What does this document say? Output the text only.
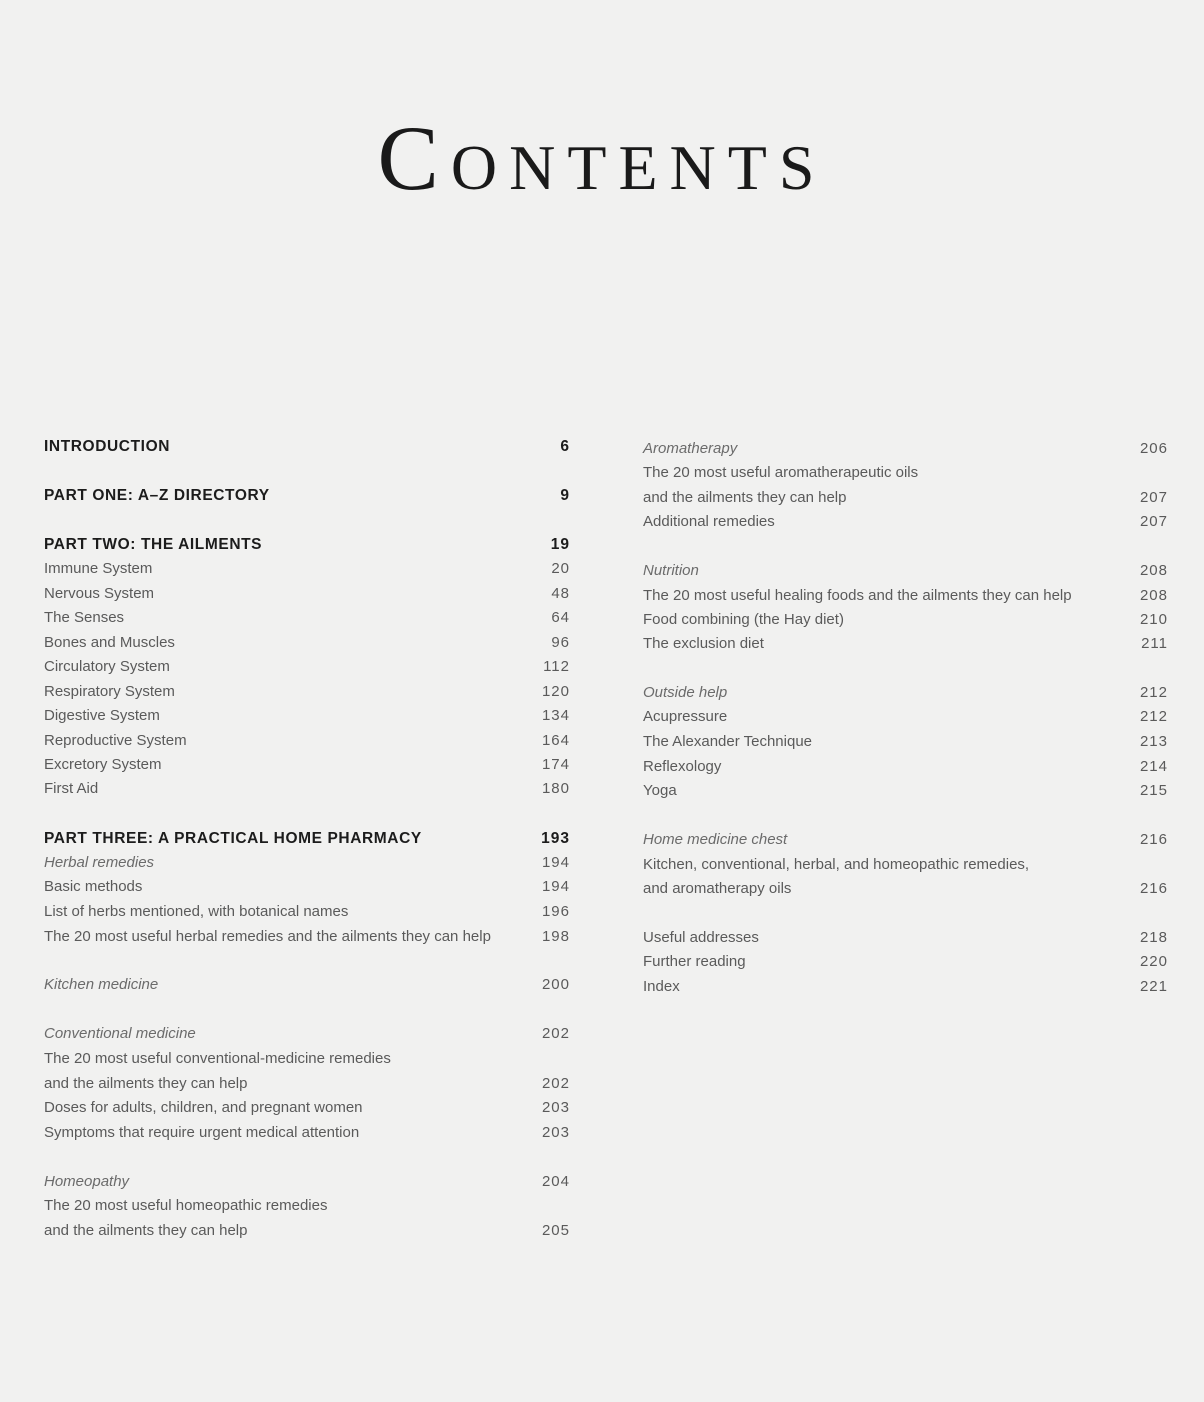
Contents
INTRODUCTION	6
PART ONE: A–Z DIRECTORY	9
PART TWO: THE AILMENTS	19
Immune System	20
Nervous System	48
The Senses	64
Bones and Muscles	96
Circulatory System	112
Respiratory System	120
Digestive System	134
Reproductive System	164
Excretory System	174
First Aid	180
PART THREE: A PRACTICAL HOME PHARMACY	193
Herbal remedies	194
Basic methods	194
List of herbs mentioned, with botanical names	196
The 20 most useful herbal remedies and the ailments they can help	198
Kitchen medicine	200
Conventional medicine	202
The 20 most useful conventional-medicine remedies
and the ailments they can help	202
Doses for adults, children, and pregnant women	203
Symptoms that require urgent medical attention	203
Homeopathy	204
The 20 most useful homeopathic remedies
and the ailments they can help	205
Aromatherapy	206
The 20 most useful aromatherapeutic oils
and the ailments they can help	207
Additional remedies	207
Nutrition	208
The 20 most useful healing foods and the ailments they can help	208
Food combining (the Hay diet)	210
The exclusion diet	211
Outside help	212
Acupressure	212
The Alexander Technique	213
Reflexology	214
Yoga	215
Home medicine chest	216
Kitchen, conventional, herbal, and homeopathic remedies,
and aromatherapy oils	216
Useful addresses	218
Further reading	220
Index	221
